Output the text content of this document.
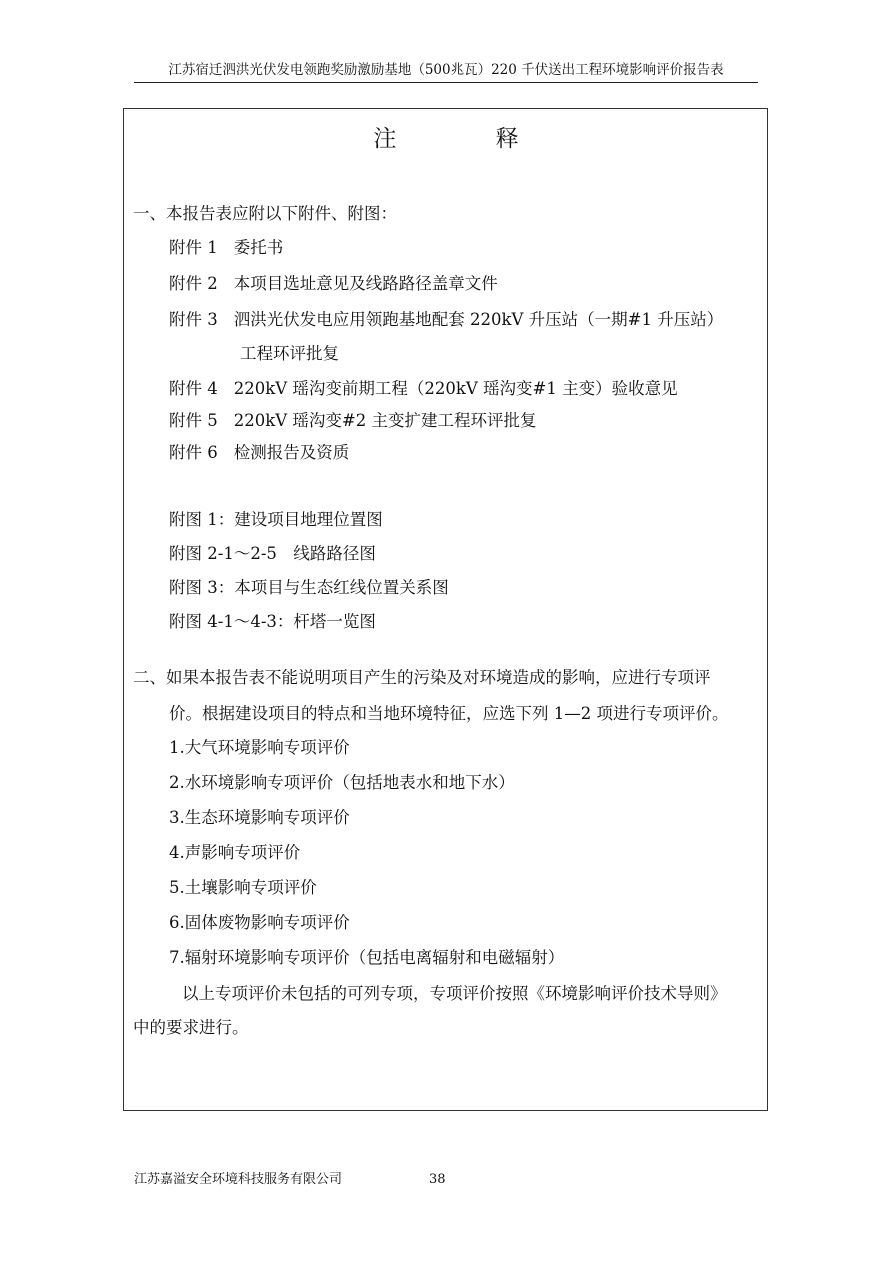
江苏宿迁泗洪光伏发电领跑奖励激励基地（500兆瓦）220 千伏送出工程环境影响评价报告表
注 释
一、本报告表应附以下附件、附图：
附件 1 委托书
附件 2 本项目选址意见及线路路径盖章文件
附件 3 泗洪光伏发电应用领跑基地配套 220kV 升压站（一期#1 升压站）
工程环评批复
附件 4 220kV 瑶沟变前期工程（220kV 瑶沟变#1 主变）验收意见
附件 5 220kV 瑶沟变#2 主变扩建工程环评批复
附件 6 检测报告及资质
附图 1：建设项目地理位置图
附图 2-1～2-5　线路路径图
附图 3：本项目与生态红线位置关系图
附图 4-1～4-3：杆塔一览图
二、如果本报告表不能说明项目产生的污染及对环境造成的影响，应进行专项评
价。根据建设项目的特点和当地环境特征，应选下列 1—2 项进行专项评价。
1.大气环境影响专项评价
2.水环境影响专项评价（包括地表水和地下水）
3.生态环境影响专项评价
4.声影响专项评价
5.土壤影响专项评价
6.固体废物影响专项评价
7.辐射环境影响专项评价（包括电离辐射和电磁辐射）
以上专项评价未包括的可列专项，专项评价按照《环境影响评价技术导则》
中的要求进行。
江苏嘉溢安全环境科技服务有限公司	38
